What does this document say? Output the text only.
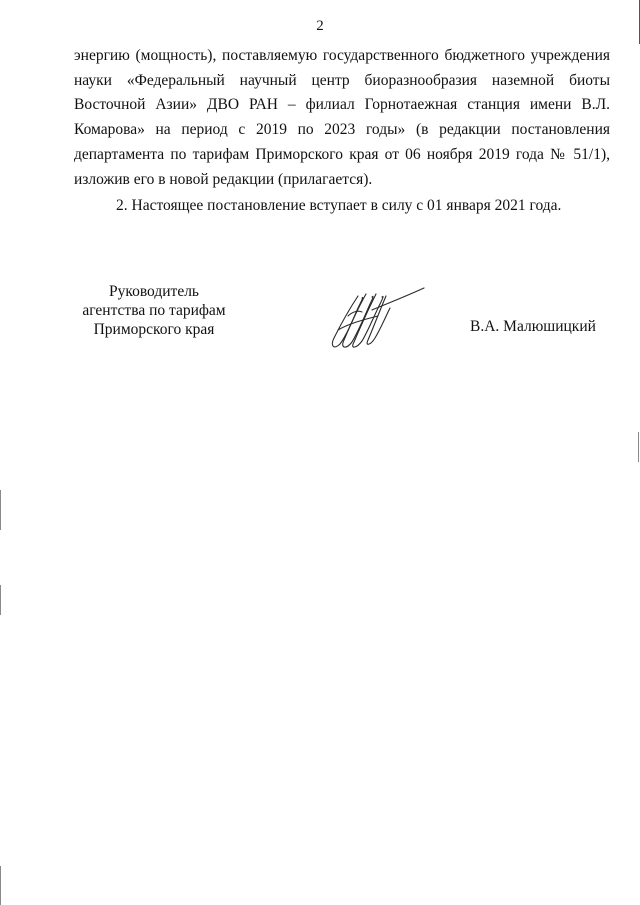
2

энергию (мощность), поставляемую государственного бюджетного учреждения науки «Федеральный научный центр биоразнообразия наземной биоты Восточной Азии» ДВО РАН – филиал Горнотаежная станция имени В.Л. Комарова» на период с 2019 по 2023 годы» (в редакции постановления департамента по тарифам Приморского края от 06 ноября 2019 года № 51/1), изложив его в новой редакции (прилагается).

2. Настоящее постановление вступает в силу с 01 января 2021 года.

Руководитель
агентства по тарифам
Приморского края	В.А. Малюшицкий
